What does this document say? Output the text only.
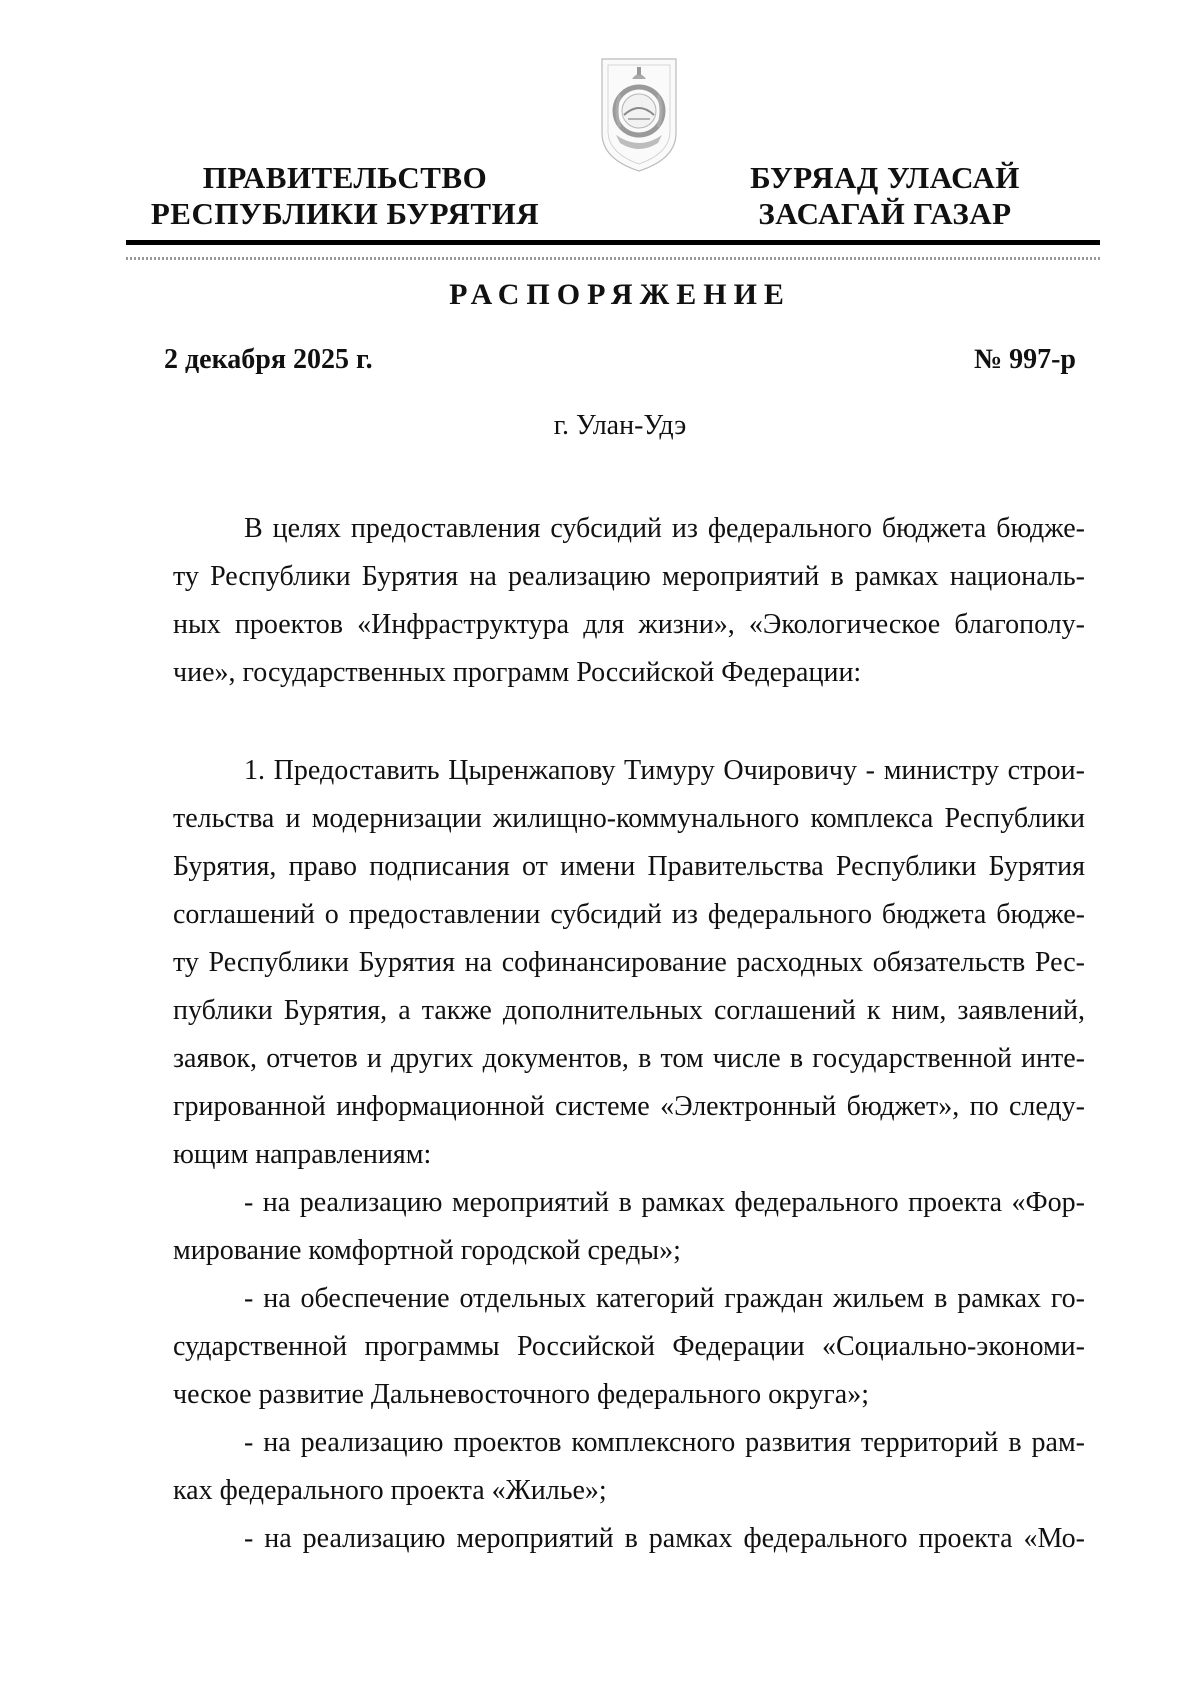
ПРАВИТЕЛЬСТВО
РЕСПУБЛИКИ БУРЯТИЯ
БУРЯАД УЛАСАЙ
ЗАСАГАЙ ГАЗАР
РАСПОРЯЖЕНИЕ
2 декабря 2025 г.	№ 997-р
г. Улан-Удэ
В целях предоставления субсидий из федерального бюджета бюдже-
ту Республики Бурятия на реализацию мероприятий в рамках националь-
ных проектов «Инфраструктура для жизни», «Экологическое благополу-
чие», государственных программ Российской Федерации:
1. Предоставить Цыренжапову Тимуру Очировичу - министру строи-
тельства и модернизации жилищно-коммунального комплекса Республики
Бурятия, право подписания от имени Правительства Республики Бурятия
соглашений о предоставлении субсидий из федерального бюджета бюдже-
ту Республики Бурятия на софинансирование расходных обязательств Рес-
публики Бурятия, а также дополнительных соглашений к ним, заявлений,
заявок, отчетов и других документов, в том числе в государственной инте-
грированной информационной системе «Электронный бюджет», по следу-
ющим направлениям:
- на реализацию мероприятий в рамках федерального проекта «Фор-
мирование комфортной городской среды»;
- на обеспечение отдельных категорий граждан жильем в рамках го-
сударственной программы Российской Федерации «Социально-экономи-
ческое развитие Дальневосточного федерального округа»;
- на реализацию проектов комплексного развития территорий в рам-
ках федерального проекта «Жилье»;
- на реализацию мероприятий в рамках федерального проекта «Мо-
